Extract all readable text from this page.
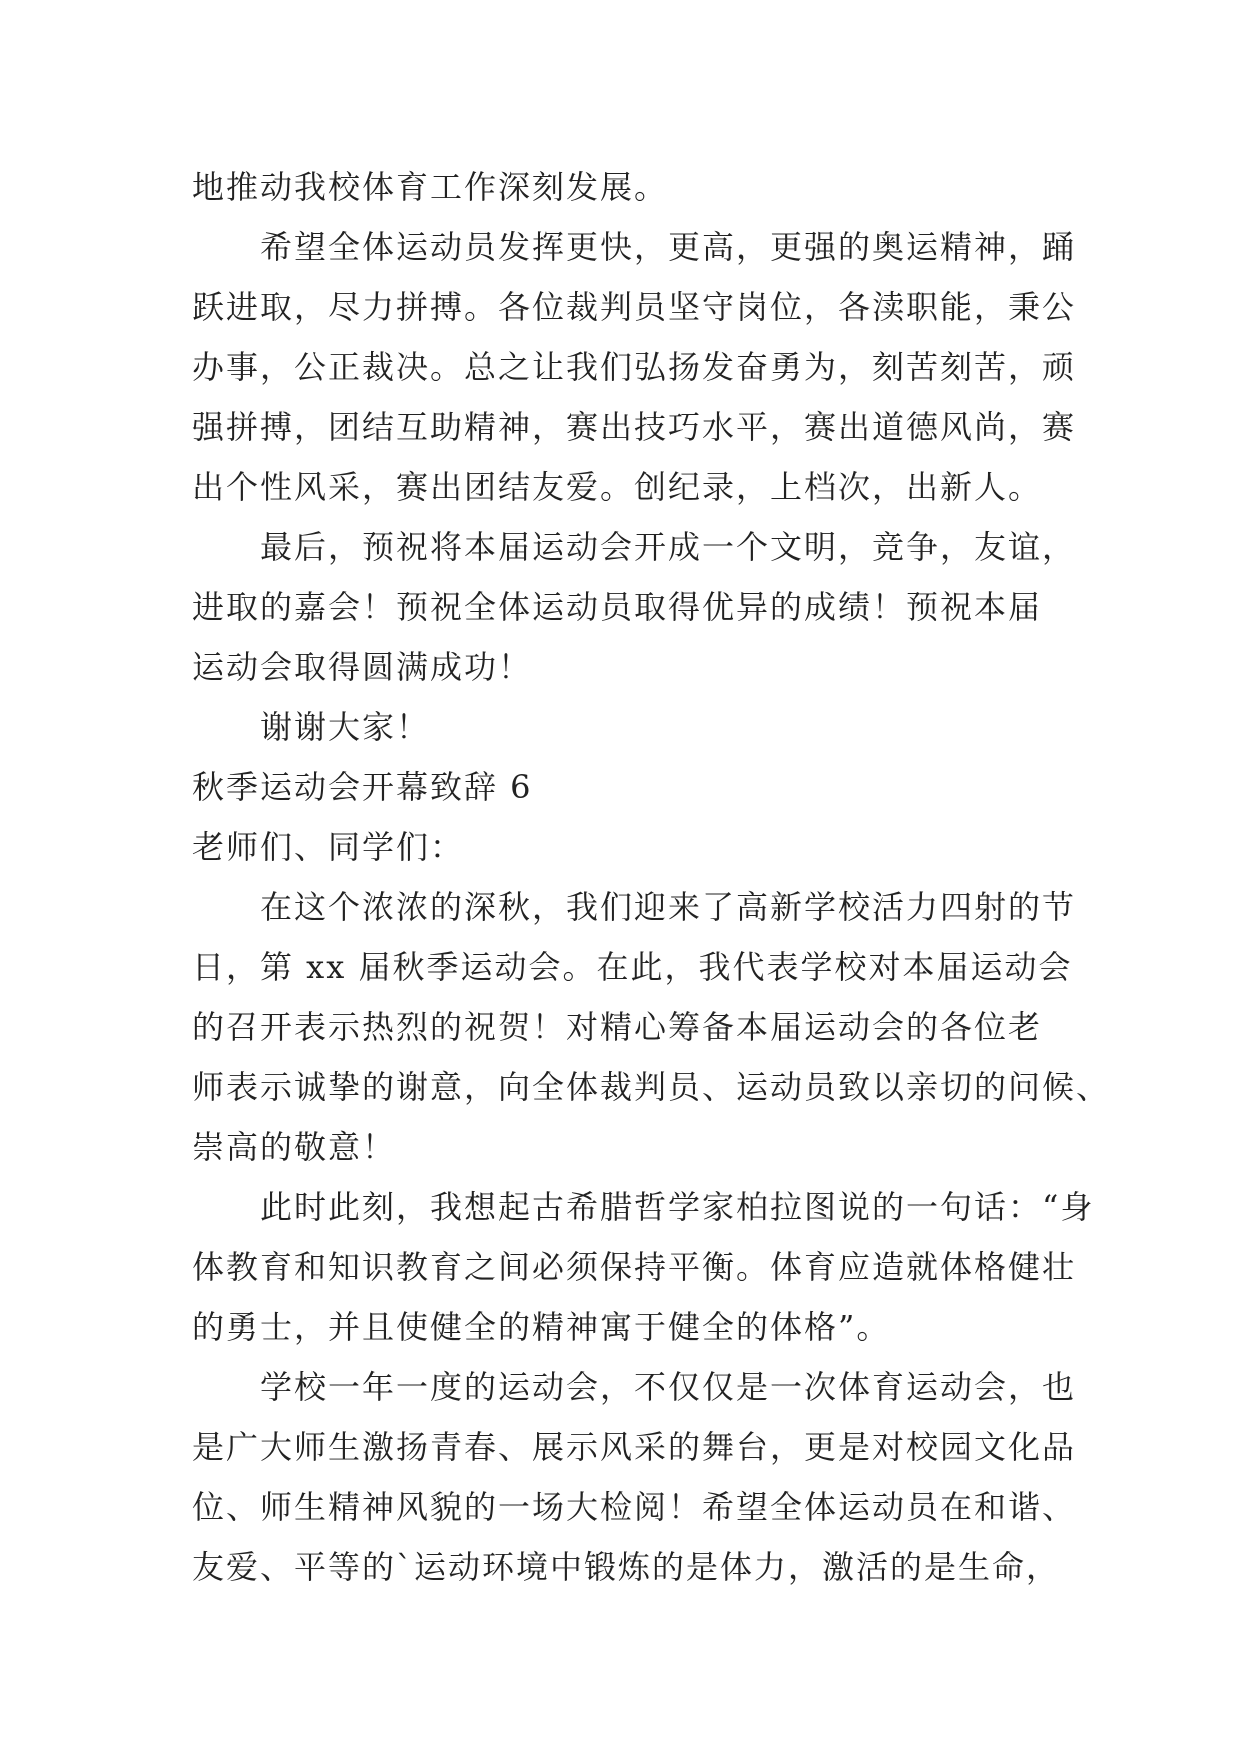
地推动我校体育工作深刻发展。
希望全体运动员发挥更快，更高，更强的奥运精神，踊
跃进取，尽力拼搏。各位裁判员坚守岗位，各渎职能，秉公
办事，公正裁决。总之让我们弘扬发奋勇为，刻苦刻苦，顽
强拼搏，团结互助精神，赛出技巧水平，赛出道德风尚，赛
出个性风采，赛出团结友爱。创纪录，上档次，出新人。
最后，预祝将本届运动会开成一个文明，竞争，友谊，
进取的嘉会！预祝全体运动员取得优异的成绩！预祝本届
运动会取得圆满成功！
谢谢大家！
秋季运动会开幕致辞 6
老师们、同学们：
在这个浓浓的深秋，我们迎来了高新学校活力四射的节
日，第 xx 届秋季运动会。在此，我代表学校对本届运动会
的召开表示热烈的祝贺！对精心筹备本届运动会的各位老
师表示诚挚的谢意，向全体裁判员、运动员致以亲切的问候、
崇高的敬意！
此时此刻，我想起古希腊哲学家柏拉图说的一句话：“身
体教育和知识教育之间必须保持平衡。体育应造就体格健壮
的勇士，并且使健全的精神寓于健全的体格”。
学校一年一度的运动会，不仅仅是一次体育运动会，也
是广大师生激扬青春、展示风采的舞台，更是对校园文化品
位、师生精神风貌的一场大检阅！希望全体运动员在和谐、
友爱、平等的`运动环境中锻炼的是体力，激活的是生命，
